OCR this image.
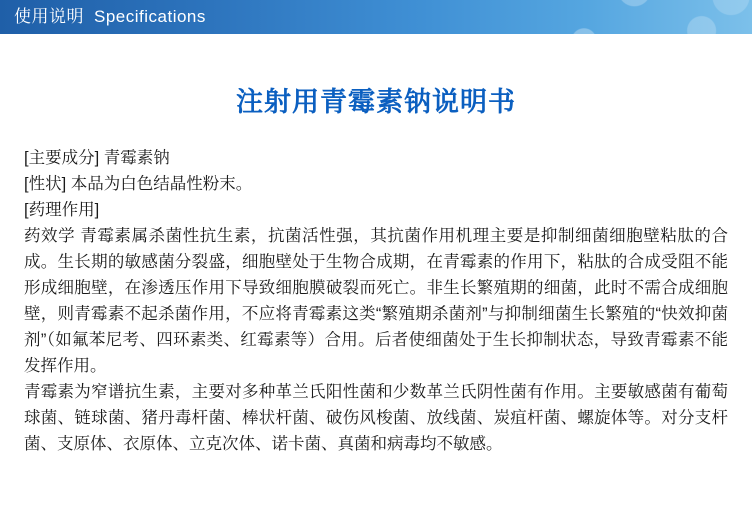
使用说明 Specifications
注射用青霉素钠说明书

[主要成分] 青霉素钠

[性状] 本品为白色结晶性粉末。

[药理作用]

药效学 青霉素属杀菌性抗生素，抗菌活性强，其抗菌作用机理主要是抑制细菌细胞壁粘肽的合成。生长期的敏感菌分裂盛，细胞壁处于生物合成期，在青霉素的作用下，粘肽的合成受阻不能形成细胞壁，在渗透压作用下导致细胞膜破裂而死亡。非生长繁殖期的细菌，此时不需合成细胞壁，则青霉素不起杀菌作用，不应将青霉素这类“繁殖期杀菌剂”与抑制细菌生长繁殖的“快效抑菌剂”（如氟苯尼考、四环素类、红霉素等）合用。后者使细菌处于生长抑制状态，导致青霉素不能发挥作用。

青霉素为窄谱抗生素，主要对多种革兰氏阳性菌和少数革兰氏阴性菌有作用。主要敏感菌有葡萄球菌、链球菌、猪丹毒杆菌、棒状杆菌、破伤风梭菌、放线菌、炭疽杆菌、螺旋体等。对分支杆菌、支原体、衣原体、立克次体、诺卡菌、真菌和病毒均不敏感。
